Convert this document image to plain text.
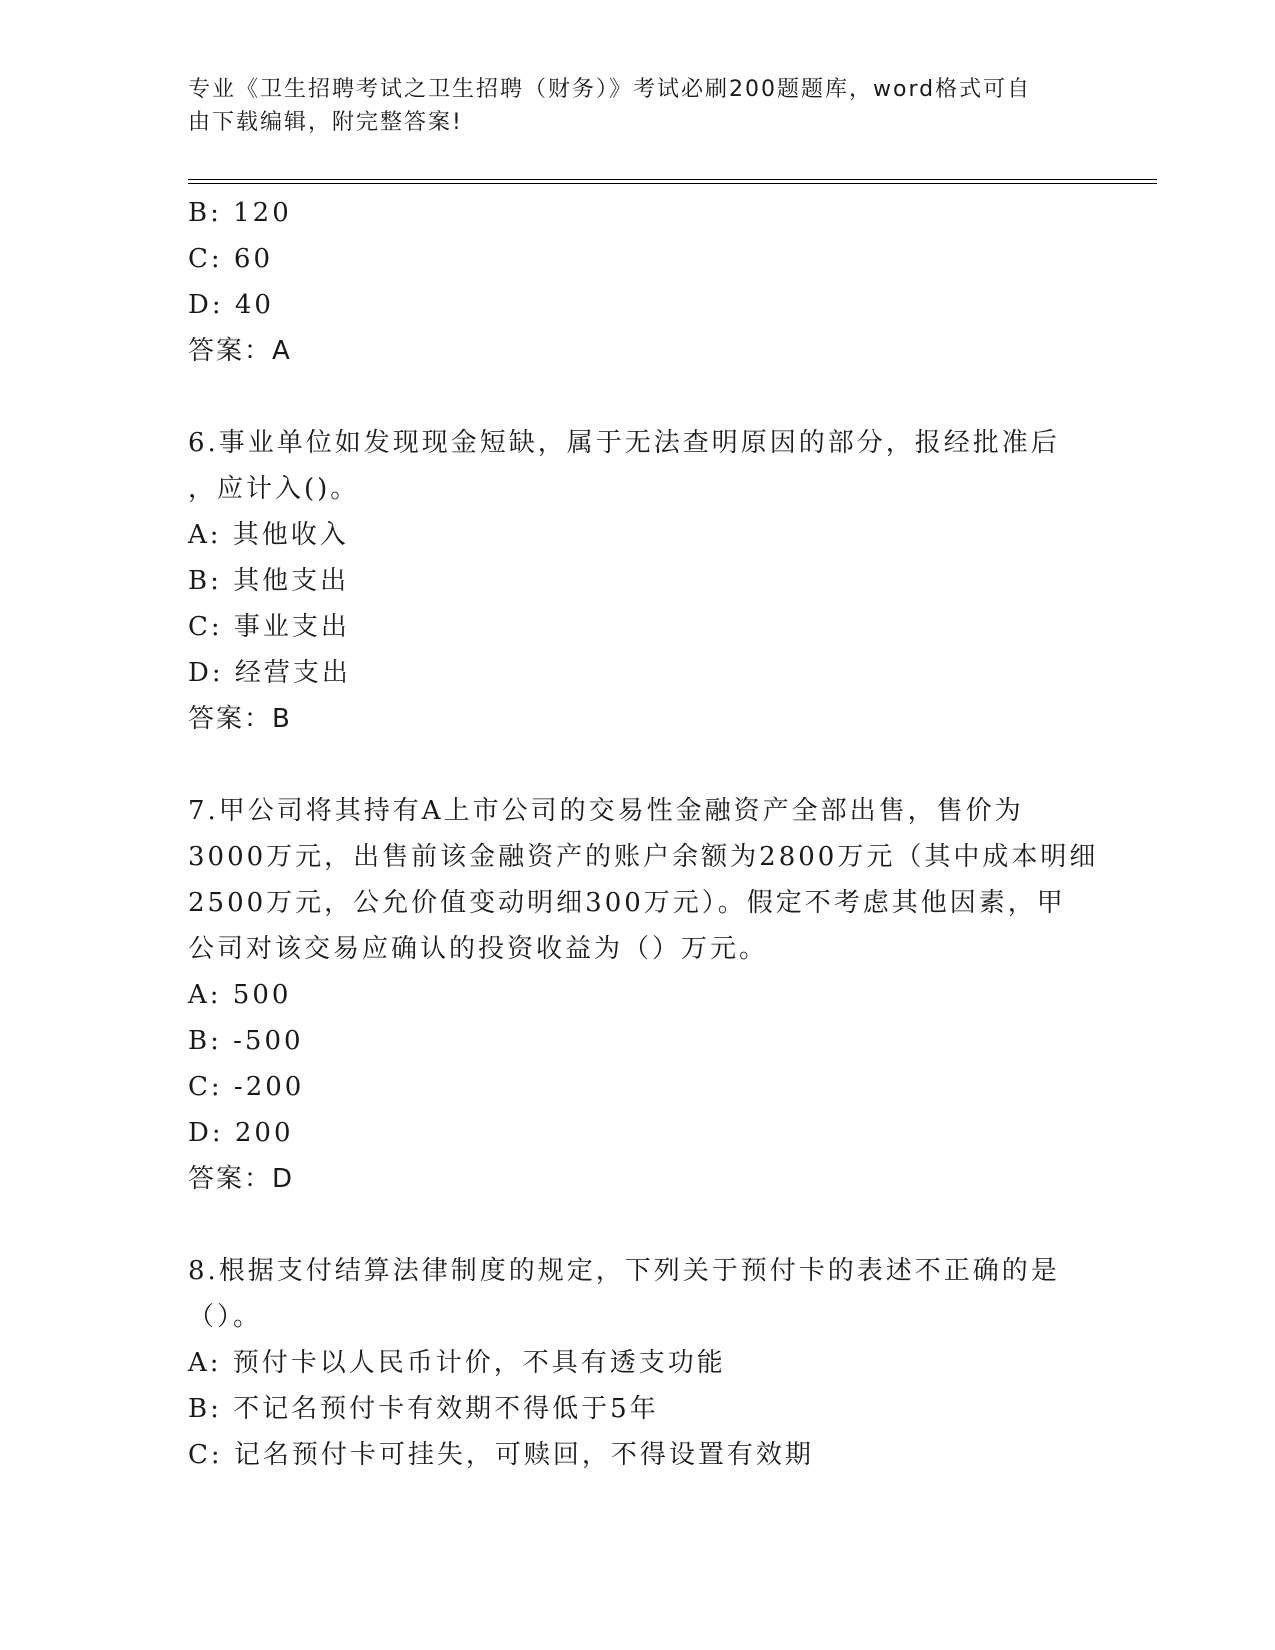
专业《卫生招聘考试之卫生招聘（财务）》考试必刷200题题库，word格式可自
由下载编辑，附完整答案!
B: 120
C: 60
D: 40
答案：A
6.事业单位如发现现金短缺，属于无法查明原因的部分，报经批准后
，应计入()。
A: 其他收入
B: 其他支出
C: 事业支出
D: 经营支出
答案：B
7.甲公司将其持有A上市公司的交易性金融资产全部出售，售价为
3000万元，出售前该金融资产的账户余额为2800万元（其中成本明细
2500万元，公允价值变动明细300万元）。假定不考虑其他因素，甲
公司对该交易应确认的投资收益为（）万元。
A: 500
B: -500
C: -200
D: 200
答案：D
8.根据支付结算法律制度的规定，下列关于预付卡的表述不正确的是
（）。
A: 预付卡以人民币计价，不具有透支功能
B: 不记名预付卡有效期不得低于5年
C: 记名预付卡可挂失，可赎回，不得设置有效期
